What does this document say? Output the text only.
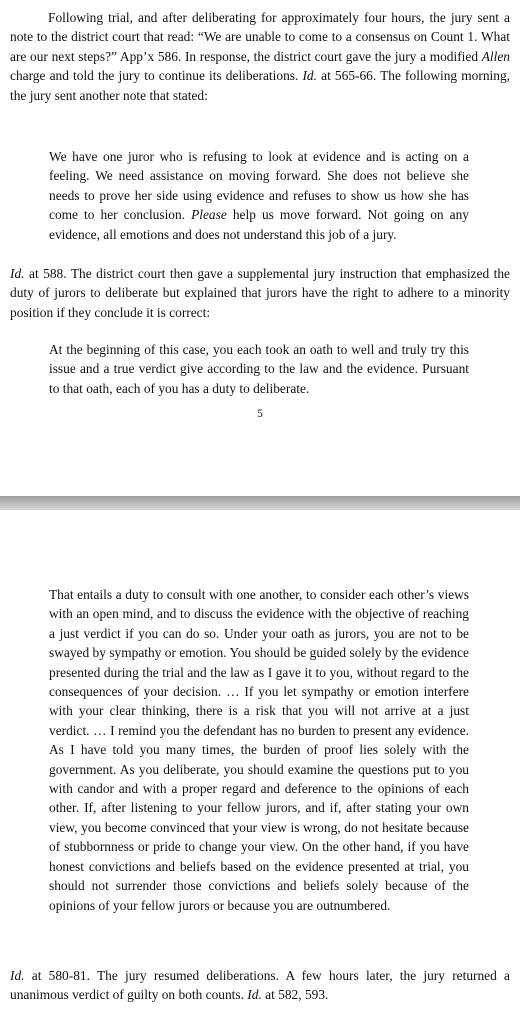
Following trial, and after deliberating for approximately four hours, the jury sent a note to the district court that read: “We are unable to come to a consensus on Count 1. What are our next steps?” App’x 586. In response, the district court gave the jury a modified Allen charge and told the jury to continue its deliberations. Id. at 565-66. The following morning, the jury sent another note that stated:

We have one juror who is refusing to look at evidence and is acting on a feeling. We need assistance on moving forward. She does not believe she needs to prove her side using evidence and refuses to show us how she has come to her conclusion. Please help us move forward. Not going on any evidence, all emotions and does not understand this job of a jury.

Id. at 588. The district court then gave a supplemental jury instruction that emphasized the duty of jurors to deliberate but explained that jurors have the right to adhere to a minority position if they conclude it is correct:

At the beginning of this case, you each took an oath to well and truly try this issue and a true verdict give according to the law and the evidence. Pursuant to that oath, each of you has a duty to deliberate.

5

That entails a duty to consult with one another, to consider each other’s views with an open mind, and to discuss the evidence with the objective of reaching a just verdict if you can do so. Under your oath as jurors, you are not to be swayed by sympathy or emotion. You should be guided solely by the evidence presented during the trial and the law as I gave it to you, without regard to the consequences of your decision. … If you let sympathy or emotion interfere with your clear thinking, there is a risk that you will not arrive at a just verdict. … I remind you the defendant has no burden to present any evidence. As I have told you many times, the burden of proof lies solely with the government. As you deliberate, you should examine the questions put to you with candor and with a proper regard and deference to the opinions of each other. If, after listening to your fellow jurors, and if, after stating your own view, you become convinced that your view is wrong, do not hesitate because of stubbornness or pride to change your view. On the other hand, if you have honest convictions and beliefs based on the evidence presented at trial, you should not surrender those convictions and beliefs solely because of the opinions of your fellow jurors or because you are outnumbered.

Id. at 580-81. The jury resumed deliberations. A few hours later, the jury returned a unanimous verdict of guilty on both counts. Id. at 582, 593.
